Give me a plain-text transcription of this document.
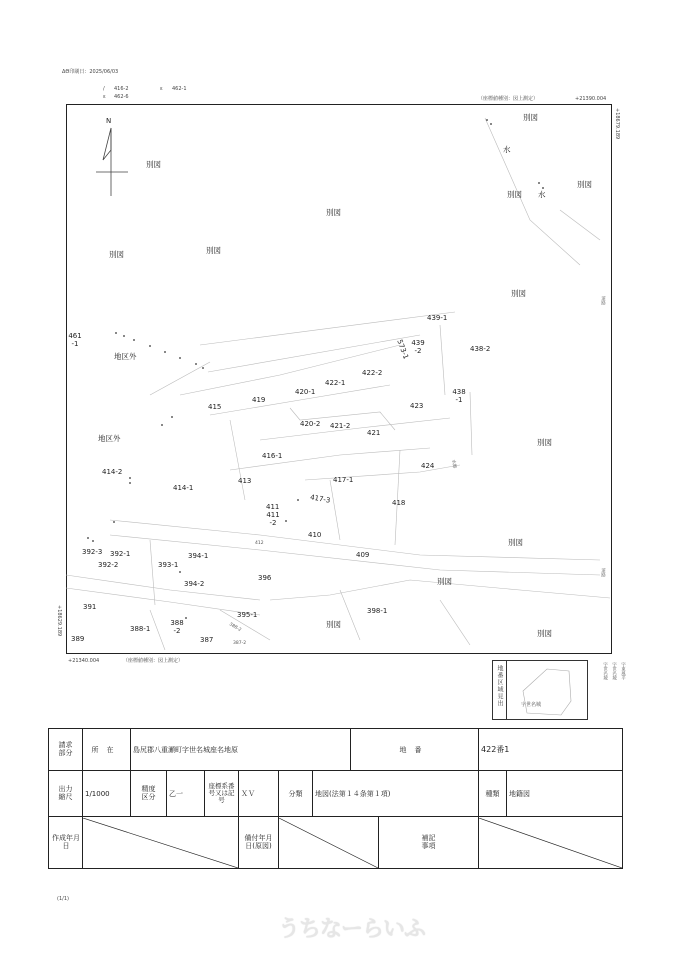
ΔΘ印刷日：2025/06/03
/ 416-2
ε 462-6
ε 462-1
（座標値種別：図上測定）	+21390.004
+18679.189
N	別図
別図
別図
別図
別図
別図
別図
別図
別図
別図
別図
別図
別図
水
水
地区外
地区外
道路
道路
水路
439-1
439 -2	438-2
573-1
422-2
422-1
420-1
419
415	423
438 -1
420-2 421-2
421
416-1
424
413	417-1
411
411 -2
417-3	418
414-2
414-1
410
412
409
392-3 392-1
392-2
394-1
393-1
394-2
396
391
395-1	398-1
388-1
388 -2
387
389
461 -1
387-2
388-2
+21340.004	（座標値種別：図上測定）
+18629.189
地番区域見出	字世名城
字東風平
字世名城
字世名城
請求部分	所在	島尻郡八重瀬町字世名城座名地原						地番		422番1	
出力縮尺	1/1000	精度区分	乙一	座標系番号又は記号	ＸＶ	分類	地図(法第１４条第１項)			種類	地籍図
作成年月日					備付年月日(原図)				補記事項	
(1/1)
うちなーらいふ
